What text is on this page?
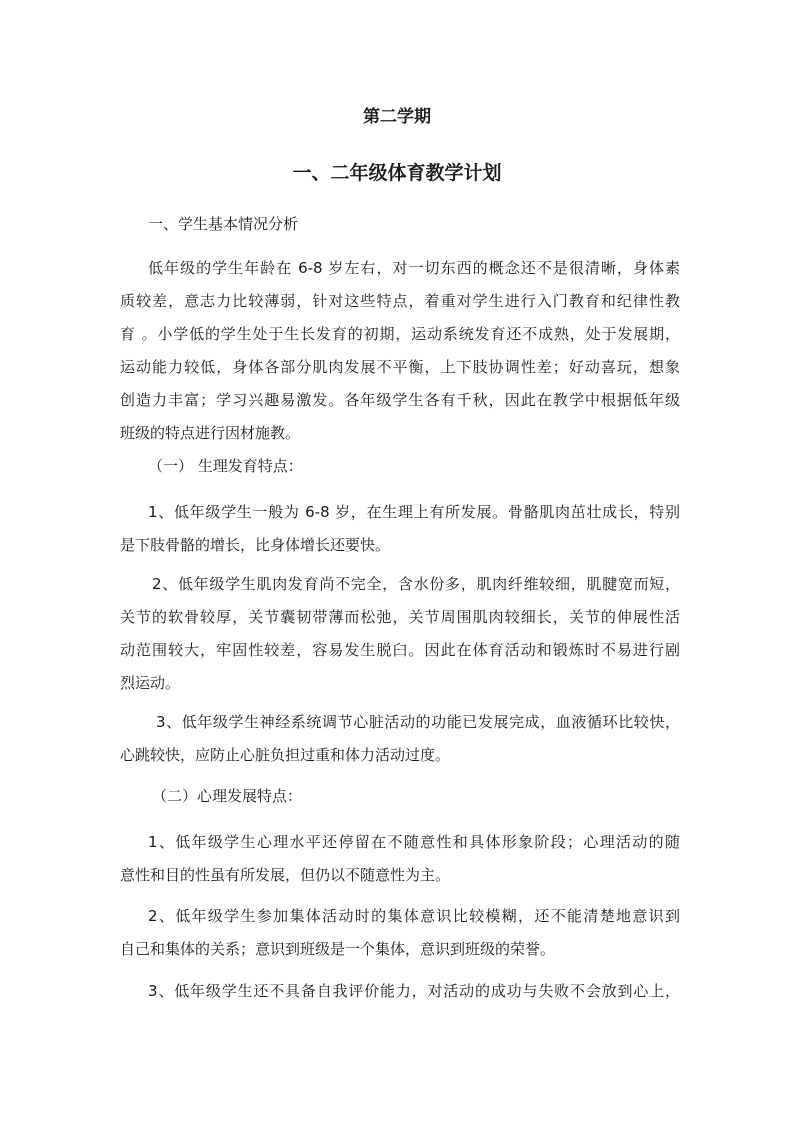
第二学期
一、二年级体育教学计划
一、学生基本情况分析
低年级的学生年龄在 6-8 岁左右，对一切东西的概念还不是很清晰，身体素
质较差，意志力比较薄弱，针对这些特点，着重对学生进行入门教育和纪律性教
育 。小学低的学生处于生长发育的初期，运动系统发育还不成熟，处于发展期，
运动能力较低，身体各部分肌肉发展不平衡，上下肢协调性差；好动喜玩，想象
创造力丰富；学习兴趣易激发。各年级学生各有千秋，因此在教学中根据低年级
班级的特点进行因材施教。
（一） 生理发育特点：
1、低年级学生一般为 6-8 岁，在生理上有所发展。骨骼肌肉茁壮成长，特别
是下肢骨骼的增长，比身体增长还要快。
2、低年级学生肌肉发育尚不完全，含水份多，肌肉纤维较细，肌腱宽而短，
关节的软骨较厚，关节囊韧带薄而松弛，关节周围肌肉较细长，关节的伸展性活
动范围较大，牢固性较差，容易发生脱臼。因此在体育活动和锻炼时不易进行剧
烈运动。
3、低年级学生神经系统调节心脏活动的功能已发展完成，血液循环比较快，
心跳较快，应防止心脏负担过重和体力活动过度。
（二）心理发展特点：
1、低年级学生心理水平还停留在不随意性和具体形象阶段；心理活动的随
意性和目的性虽有所发展，但仍以不随意性为主。
2、低年级学生参加集体活动时的集体意识比较模糊，还不能清楚地意识到
自己和集体的关系；意识到班级是一个集体，意识到班级的荣誉。
3、低年级学生还不具备自我评价能力，对活动的成功与失败不会放到心上，
